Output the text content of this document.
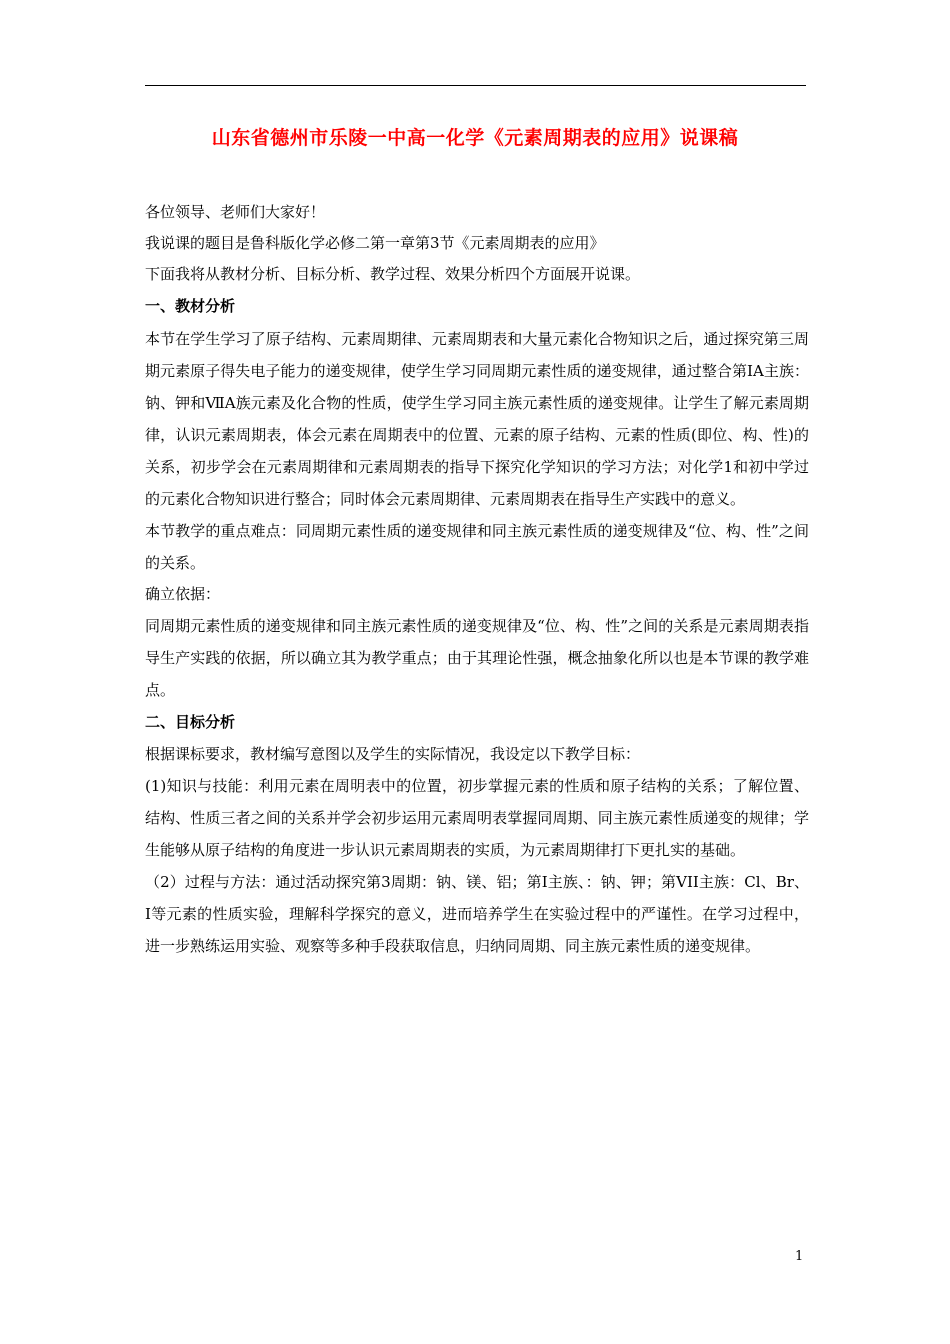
山东省德州市乐陵一中高一化学《元素周期表的应用》说课稿

各位领导、老师们大家好！

我说课的题目是鲁科版化学必修二第一章第3节《元素周期表的应用》

下面我将从教材分析、目标分析、教学过程、效果分析四个方面展开说课。

一、教材分析

本节在学生学习了原子结构、元素周期律、元素周期表和大量元素化合物知识之后，通过探究第三周期元素原子得失电子能力的递变规律，使学生学习同周期元素性质的递变规律，通过整合第ⅠA主族：钠、钾和ⅦA族元素及化合物的性质，使学生学习同主族元素性质的递变规律。让学生了解元素周期律，认识元素周期表，体会元素在周期表中的位置、元素的原子结构、元素的性质(即位、构、性)的关系，初步学会在元素周期律和元素周期表的指导下探究化学知识的学习方法；对化学1和初中学过的元素化合物知识进行整合；同时体会元素周期律、元素周期表在指导生产实践中的意义。

本节教学的重点难点：同周期元素性质的递变规律和同主族元素性质的递变规律及“位、构、性”之间的关系。

确立依据：

同周期元素性质的递变规律和同主族元素性质的递变规律及“位、构、性”之间的关系是元素周期表指导生产实践的依据，所以确立其为教学重点；由于其理论性强，概念抽象化所以也是本节课的教学难点。

二、目标分析

根据课标要求，教材编写意图以及学生的实际情况，我设定以下教学目标：

(1)知识与技能：利用元素在周明表中的位置，初步掌握元素的性质和原子结构的关系；了解位置、结构、性质三者之间的关系并学会初步运用元素周明表掌握同周期、同主族元素性质递变的规律；学生能够从原子结构的角度进一步认识元素周期表的实质，为元素周期律打下更扎实的基础。

（2）过程与方法：通过活动探究第3周期：钠、镁、铝；第Ⅰ主族、：钠、钾；第VII主族：Cl、Br、I等元素的性质实验，理解科学探究的意义，进而培养学生在实验过程中的严谨性。在学习过程中，进一步熟练运用实验、观察等多种手段获取信息，归纳同周期、同主族元素性质的递变规律。

1
